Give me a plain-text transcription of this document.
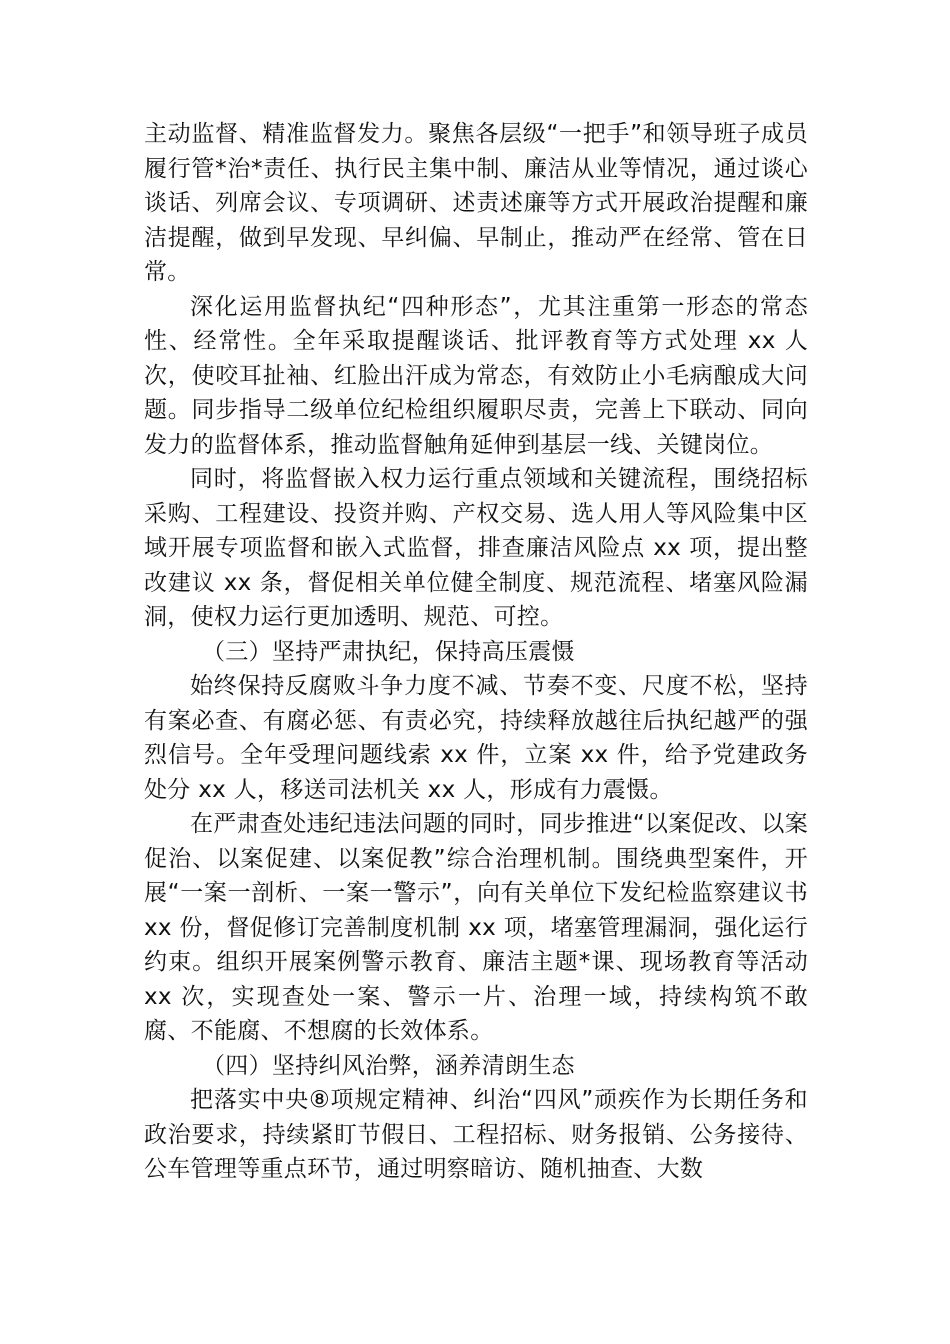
主动监督、精准监督发力。聚焦各层级“一把手”和领导班子成员履行管*治*责任、执行民主集中制、廉洁从业等情况，通过谈心谈话、列席会议、专项调研、述责述廉等方式开展政治提醒和廉洁提醒，做到早发现、早纠偏、早制止，推动严在经常、管在日常。

深化运用监督执纪“四种形态”，尤其注重第一形态的常态性、经常性。全年采取提醒谈话、批评教育等方式处理 xx 人次，使咬耳扯袖、红脸出汗成为常态，有效防止小毛病酿成大问题。同步指导二级单位纪检组织履职尽责，完善上下联动、同向发力的监督体系，推动监督触角延伸到基层一线、关键岗位。

同时，将监督嵌入权力运行重点领域和关键流程，围绕招标采购、工程建设、投资并购、产权交易、选人用人等风险集中区域开展专项监督和嵌入式监督，排查廉洁风险点 xx 项，提出整改建议 xx 条，督促相关单位健全制度、规范流程、堵塞风险漏洞，使权力运行更加透明、规范、可控。

（三）坚持严肃执纪，保持高压震慑

始终保持反腐败斗争力度不减、节奏不变、尺度不松，坚持有案必查、有腐必惩、有责必究，持续释放越往后执纪越严的强烈信号。全年受理问题线索 xx 件，立案 xx 件，给予党建政务处分 xx 人，移送司法机关 xx 人，形成有力震慑。

在严肃查处违纪违法问题的同时，同步推进“以案促改、以案促治、以案促建、以案促教”综合治理机制。围绕典型案件，开展“一案一剖析、一案一警示”，向有关单位下发纪检监察建议书 xx 份，督促修订完善制度机制 xx 项，堵塞管理漏洞，强化运行约束。组织开展案例警示教育、廉洁主题*课、现场教育等活动 xx 次，实现查处一案、警示一片、治理一域，持续构筑不敢腐、不能腐、不想腐的长效体系。

（四）坚持纠风治弊，涵养清朗生态

把落实中央⑧项规定精神、纠治“四风”顽疾作为长期任务和政治要求，持续紧盯节假日、工程招标、财务报销、公务接待、公车管理等重点环节，通过明察暗访、随机抽查、大数
